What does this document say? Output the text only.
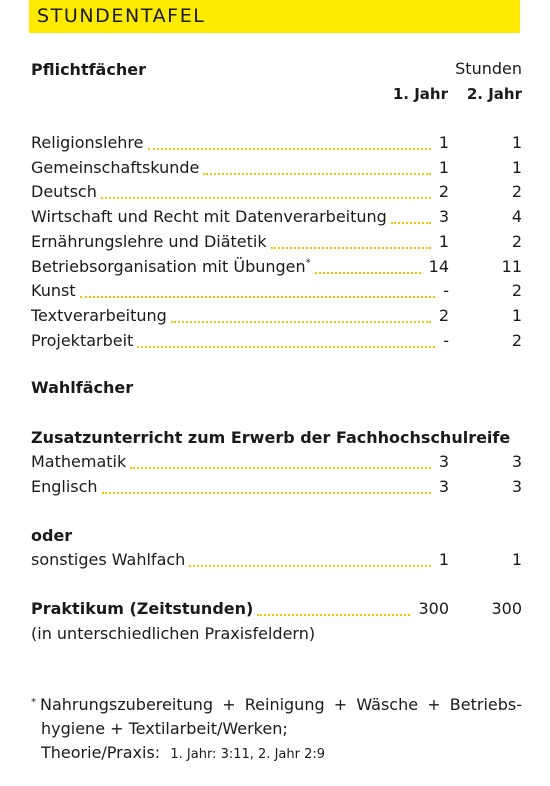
STUNDENTAFEL
Pflichtfächer	Stunden
1. Jahr 2. Jahr
Religionslehre	1	1
Gemeinschaftskunde	1	1
Deutsch	2	2
Wirtschaft und Recht mit Datenverarbeitung	3	4
Ernährungslehre und Diätetik	1	2
Betriebsorganisation mit Übungen*	14	11
Kunst	-	2
Textverarbeitung	2	1
Projektarbeit	-	2
Wahlfächer
Zusatzunterricht zum Erwerb der Fachhochschulreife
Mathematik	3	3
Englisch	3	3
oder
sonstiges Wahlfach	1	1
Praktikum (Zeitstunden)	300	300
(in unterschiedlichen Praxisfeldern)
* Nahrungszubereitung + Reinigung + Wäsche + Betriebs-
hygiene + Textilarbeit/Werken;
Theorie/Praxis: 1. Jahr: 3:11, 2. Jahr 2:9
